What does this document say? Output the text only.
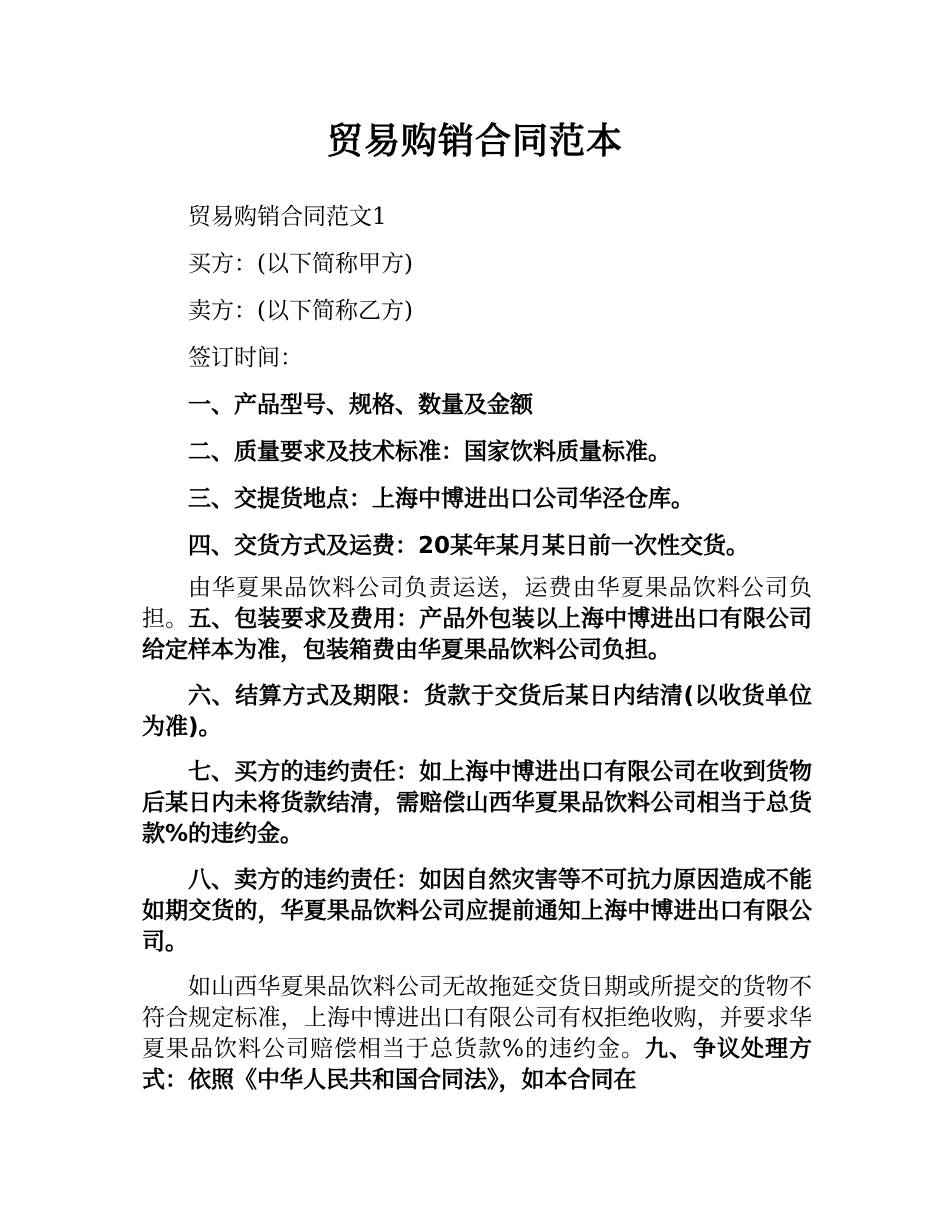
贸易购销合同范本

贸易购销合同范文1

买方：(以下简称甲方)

卖方：(以下简称乙方)

签订时间：

一、产品型号、规格、数量及金额

二、质量要求及技术标准：国家饮料质量标准。

三、交提货地点：上海中博进出口公司华泾仓库。

四、交货方式及运费：20某年某月某日前一次性交货。

由华夏果品饮料公司负责运送，运费由华夏果品饮料公司负担。五、包装要求及费用：产品外包装以上海中博进出口有限公司给定样本为准，包装箱费由华夏果品饮料公司负担。

六、结算方式及期限：货款于交货后某日内结清(以收货单位为准)。

七、买方的违约责任：如上海中博进出口有限公司在收到货物后某日内未将货款结清，需赔偿山西华夏果品饮料公司相当于总货款%的违约金。

八、卖方的违约责任：如因自然灾害等不可抗力原因造成不能如期交货的，华夏果品饮料公司应提前通知上海中博进出口有限公司。

如山西华夏果品饮料公司无故拖延交货日期或所提交的货物不符合规定标准，上海中博进出口有限公司有权拒绝收购，并要求华夏果品饮料公司赔偿相当于总货款%的违约金。九、争议处理方式：依照《中华人民共和国合同法》，如本合同在
